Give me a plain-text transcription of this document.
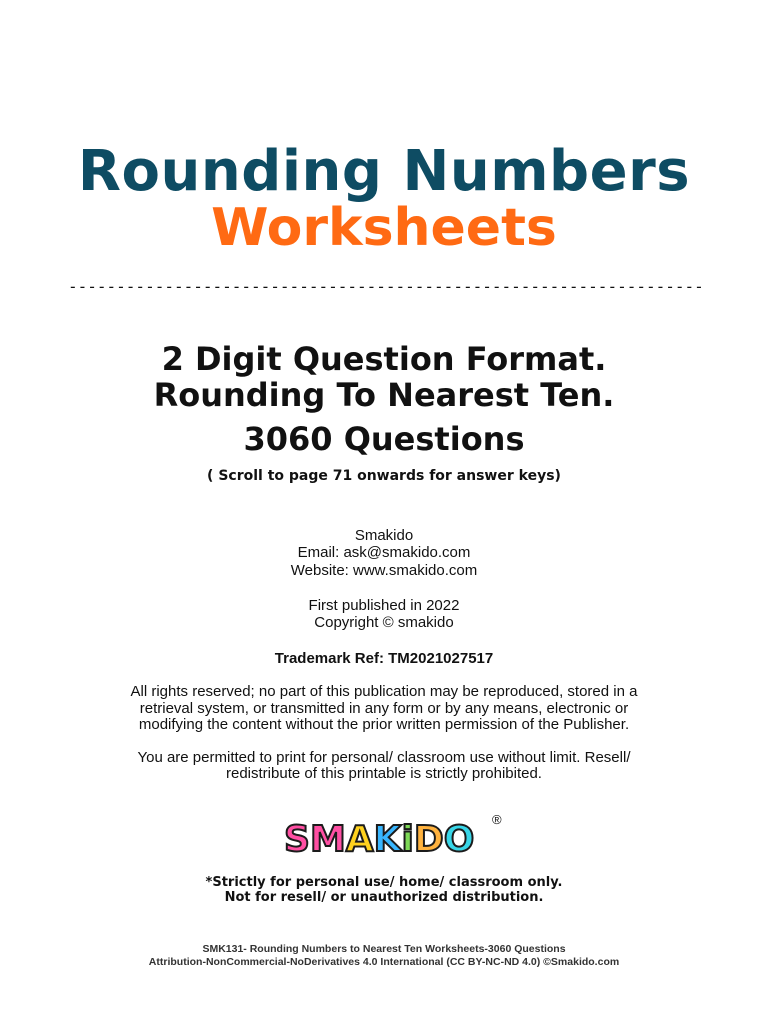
Rounding Numbers
Worksheets
------------------------------------------------------------------
2 Digit Question Format.
Rounding To Nearest Ten.
3060 Questions
( Scroll to page 71 onwards for answer keys)
Smakido
Email: ask@smakido.com
Website: www.smakido.com
First published in 2022
Copyright © smakido
Trademark Ref: TM2021027517
All rights reserved; no part of this publication may be reproduced, stored in a
retrieval system, or transmitted in any form or by any means, electronic or
modifying the content without the prior written permission of the Publisher.
You are permitted to print for personal/ classroom use without limit. Resell/
redistribute of this printable is strictly prohibited.
SMAKiDO	®
*Strictly for personal use/ home/ classroom only.
Not for resell/ or unauthorized distribution.
SMK131- Rounding Numbers to Nearest Ten Worksheets-3060 Questions
Attribution-NonCommercial-NoDerivatives 4.0 International (CC BY-NC-ND 4.0) ©Smakido.com
